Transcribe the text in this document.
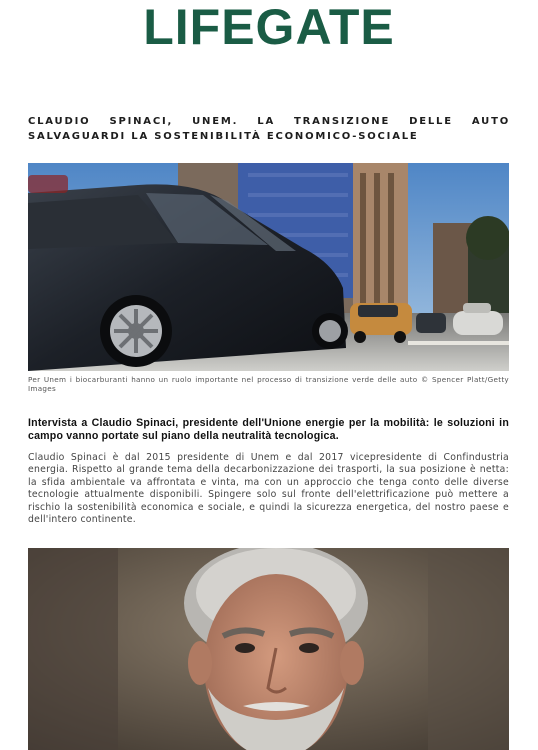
LIFEGATE
CLAUDIO SPINACI, UNEM. LA TRANSIZIONE DELLE AUTO SALVAGUARDI LA SOSTENIBILITÀ ECONOMICO-SOCIALE

Per Unem i biocarburanti hanno un ruolo importante nel processo di transizione verde delle auto © Spencer Platt/Getty Images

Intervista a Claudio Spinaci, presidente dell'Unione energie per la mobilità: le soluzioni in campo vanno portate sul piano della neutralità tecnologica.

Claudio Spinaci è dal 2015 presidente di Unem e dal 2017 vicepresidente di Confindustria energia. Rispetto al grande tema della decarbonizzazione dei trasporti, la sua posizione è netta: la sfida ambientale va affrontata e vinta, ma con un approccio che tenga conto delle diverse tecnologie attualmente disponibili. Spingere solo sul fronte dell'elettrificazione può mettere a rischio la sostenibilità economica e sociale, e quindi la sicurezza energetica, del nostro paese e dell'intero continente.
